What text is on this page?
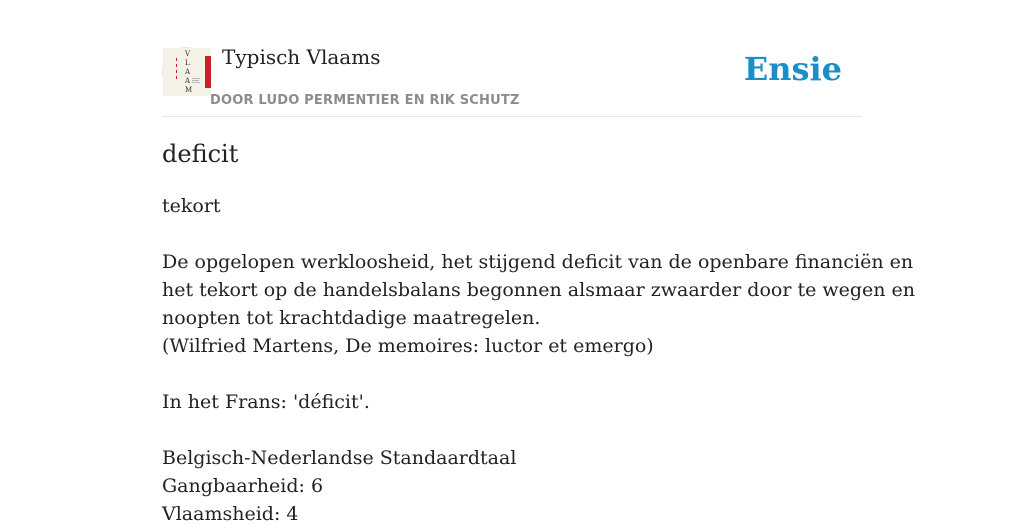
V
L
A
A
M
Typisch Vlaams
DOOR LUDO PERMENTIER EN RIK SCHUTZ
Ensie
deficit
tekort
De opgelopen werkloosheid, het stijgend deficit van de openbare financiën en
het tekort op de handelsbalans begonnen alsmaar zwaarder door te wegen en
noopten tot krachtdadige maatregelen.
(Wilfried Martens, De memoires: luctor et emergo)
In het Frans: 'déficit'.
Belgisch-Nederlandse Standaardtaal
Gangbaarheid: 6
Vlaamsheid: 4
